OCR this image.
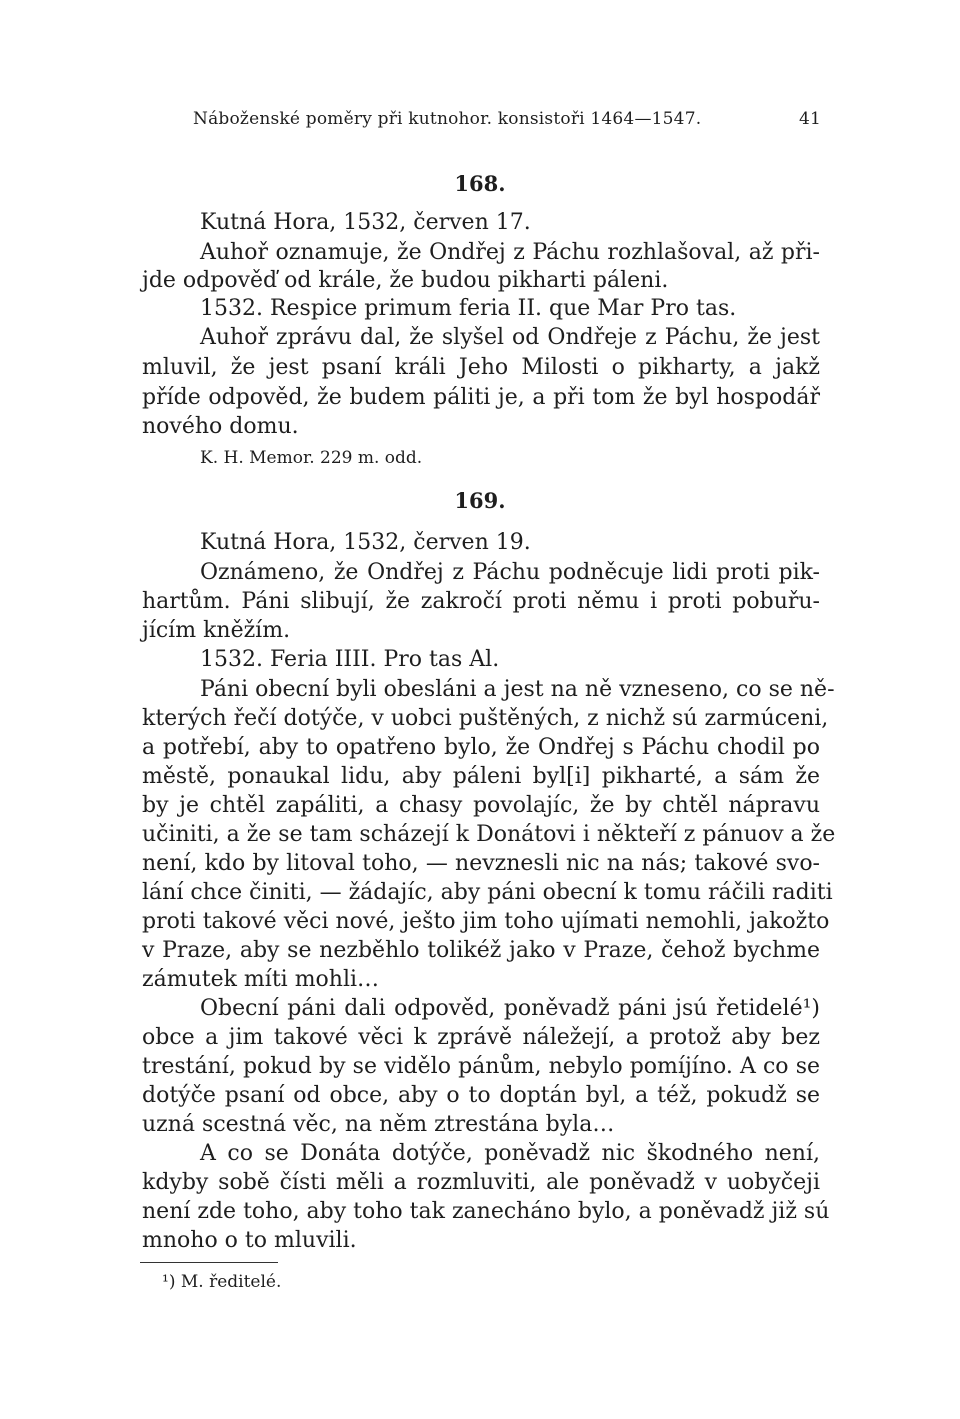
Náboženské poměry při kutnohor. konsistoři 1464—1547.	41
168.
Kutná Hora, 1532, červen 17.
Auhoř oznamuje, že Ondřej z Páchu rozhlašoval, až při-
jde odpověď od krále, že budou pikharti páleni.
1532. Respice primum feria II. que Mar Pro tas.
Auhoř zprávu dal, že slyšel od Ondřeje z Páchu, že jest
mluvil, že jest psaní králi Jeho Milosti o pikharty, a jakž
příde odpověd, že budem páliti je, a při tom že byl hospodář
nového domu.
K. H. Memor. 229 m. odd.
169.
Kutná Hora, 1532, červen 19.
Oznámeno, že Ondřej z Páchu podněcuje lidi proti pik-
hartům. Páni slibují, že zakročí proti němu i proti pobuřu-
jícím kněžím.
1532. Feria IIII. Pro tas Al.
Páni obecní byli obesláni a jest na ně vzneseno, co se ně-
kterých řečí dotýče, v uobci puštěných, z nichž sú zarmúceni,
a potřebí, aby to opatřeno bylo, že Ondřej s Páchu chodil po
městě, ponaukal lidu, aby páleni byl[i] pikharté, a sám že
by je chtěl zapáliti, a chasy povolajíc, že by chtěl nápravu
učiniti, a že se tam scházejí k Donátovi i někteří z pánuov a že
není, kdo by litoval toho, — nevznesli nic na nás; takové svo-
lání chce činiti, — žádajíc, aby páni obecní k tomu ráčili raditi
proti takové věci nové, ješto jim toho ujímati nemohli, jakožto
v Praze, aby se nezběhlo tolikéž jako v Praze, čehož bychme
zámutek míti mohli…
Obecní páni dali odpověd, poněvadž páni jsú řetidelé¹)
obce a jim takové věci k zprávě náležejí, a protož aby bez
trestání, pokud by se vidělo pánům, nebylo pomíjíno. A co se
dotýče psaní od obce, aby o to doptán byl, a též, pokudž se
uzná scestná věc, na něm ztrestána byla…
A co se Donáta dotýče, poněvadž nic škodného není,
kdyby sobě čísti měli a rozmluviti, ale poněvadž v uobyčeji
není zde toho, aby toho tak zanecháno bylo, a poněvadž již sú
mnoho o to mluvili.
¹) M. ředitelé.
